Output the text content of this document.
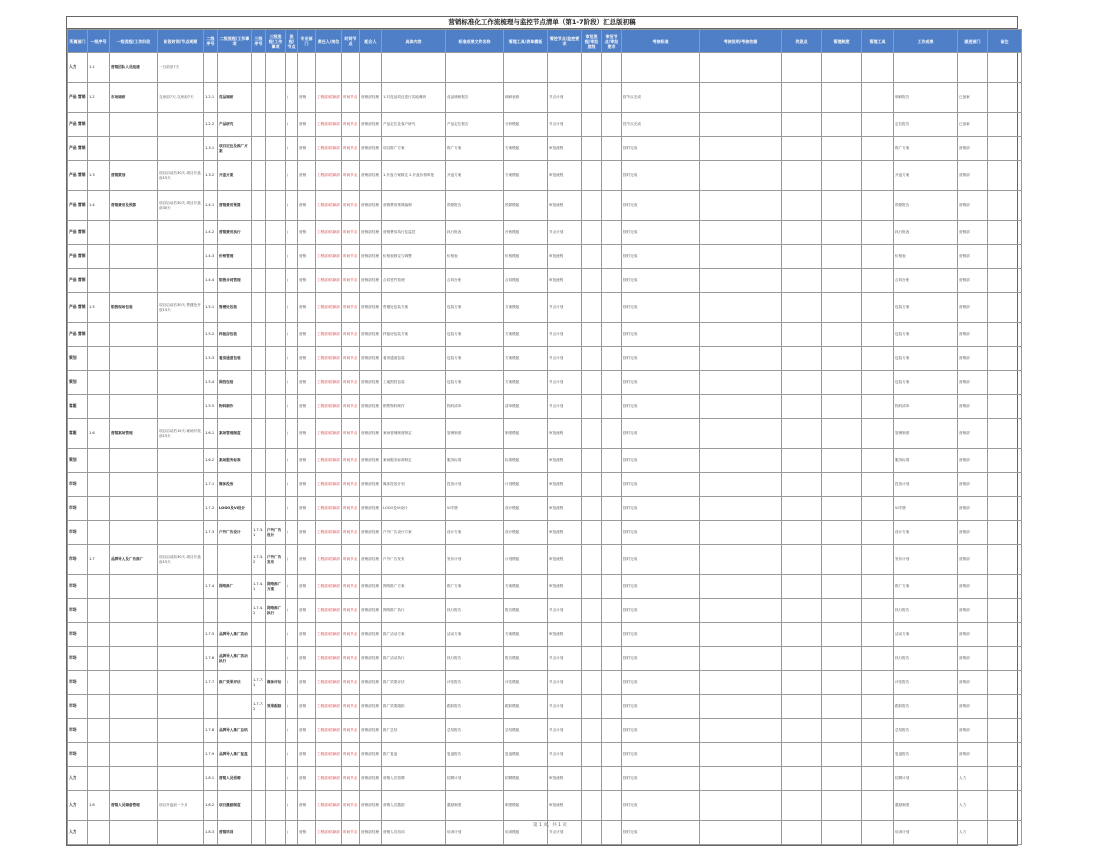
营销标准化工作流梳理与监控节点清单（第1-7阶段）汇总版初稿
所属部门	一级序号	一级流程/工作阶段	阶段时间/节点周期	二级序号	二级流程/工作事项	三级序号	三级流程/工作事项	流程/节点	专业部门	责任人/岗位	时间节点	配合人	具体内容	标准成果文件名称	管理工具/表单模板	管控节点/监控要求	审批流程/审批层级	审批节点/审批要求	考核标准	考核说明/考核依据	奖惩点	管理制度	管理工具	工作成果	跟进部门	备注
人力	1.1	营销团队人员组建	一日前至7天																							
产品 营销	1.2	市场调研	交房前7天-交房前7天	1.2.1	竞品调研			/	营销	工程部/招商部	时间节点	营销部经理	1.对竞品项目进行实地调研	竞品调研报告	调研表格	节点计划			按节点完成					调研报告	已备案	
产品 营销				1.2.2	产品研究			/	营销	工程部/招商部	时间节点	营销部经理	产品定位及客户研究	产品定位报告	分析模板	节点计划			按节点完成					定位报告	已备案	
产品 营销				1.3.1	项目定位及推广方案			/	营销	工程部/招商部	时间节点	营销部经理	项目推广方案	推广方案	方案模板	审批流程			按时完成					推广方案	营销部	
产品 营销	1.3	营销策划	项目启动后30天-项目开盘前15天	1.3.2	开盘方案			/	营销	工程部/招商部	时间节点	营销部经理	1.开盘方案制定 2.开盘价格审批	开盘方案	方案模板	审批流程			按时完成					开盘方案	营销部	
产品 营销	1.4	营销费用及预算	项目启动后30天-项目开盘前30天	1.4.1	营销费用预算			/	营销	工程部/招商部	时间节点	营销部经理	营销费用预算编制	预算报告	预算模板	审批流程			按时完成					预算报告	营销部	
产品 营销				1.4.2	营销费用执行			/	营销	工程部/招商部	时间节点	营销部经理	营销费用执行及监控	执行报表	台账模板	节点计划			按时完成					执行报表	营销部	
产品 营销				1.4.3	价格管理			/	营销	工程部/招商部	时间节点	营销部经理	价格表制定与调整	价格表	价格模板	审批流程			按时完成					价格表	营销部	
产品 营销				1.4.4	销售合同管理			/	营销	工程部/招商部	时间节点	营销部经理	合同签约管理	合同台账	合同模板	审批流程			按时完成					合同台账	营销部	
产品 营销	1.5	销售现场包装	项目启动后30天-售楼处开放15天	1.5.1	售楼处包装			/	营销	工程部/招商部	时间节点	营销部经理	售楼处包装方案	包装方案	方案模板	节点计划			按时完成					包装方案	营销部	
产品 营销				1.5.2	样板房包装			/	营销	工程部/招商部	时间节点	营销部经理	样板房包装方案	包装方案	方案模板	节点计划			按时完成					包装方案	营销部	
策划				1.5.3	看房通道包装			/	营销	工程部/招商部	时间节点	营销部经理	看房通道包装	包装方案	方案模板	节点计划			按时完成					包装方案	营销部	
策划				1.5.4	围挡包装			/	营销	工程部/招商部	时间节点	营销部经理	工地围挡包装	包装方案	方案模板	节点计划			按时完成					包装方案	营销部	
客服				1.5.5	物料制作			/	营销	工程部/招商部	时间节点	营销部经理	销售物料制作	物料清单	清单模板	节点计划			按时完成					物料清单	营销部	
客服	1.6	营销案场管理	项目启动后15天-案场开放前15天	1.6.1	案场管理制度			/	营销	工程部/招商部	时间节点	营销部经理	案场管理制度制定	管理制度	制度模板	审批流程			按时完成					管理制度	营销部	
策划				1.6.2	案场服务标准			/	营销	工程部/招商部	时间节点	营销部经理	案场服务标准制定	服务标准	标准模板	审批流程			按时完成					服务标准	营销部	
市场				1.7.1	媒体投放			/	营销	工程部/招商部	时间节点	营销部经理	媒体投放计划	投放计划	计划模板	审批流程			按时完成					投放计划	营销部	
市场				1.7.2	LOGO及VI设计			/	营销	工程部/招商部	时间节点	营销部经理	LOGO及VI设计	VI手册	设计模板	审批流程			按时完成					VI手册	营销部	
市场				1.7.3	户外广告设计	1.7.3.1	户外广告设计	/	营销	工程部/招商部	时间节点	营销部经理	户外广告设计方案	设计方案	设计模板	审批流程			按时完成					设计方案	营销部	
市场	1.7	品牌导入及广告推广	项目启动前30天-项目开盘前15天			1.7.3.2	户外广告发布	/	营销	工程部/招商部	时间节点	营销部经理	户外广告发布	发布计划	计划模板	审批流程			按时完成					发布计划	营销部	
市场				1.7.4	网络推广	1.7.4.1	网络推广方案	/	营销	工程部/招商部	时间节点	营销部经理	网络推广方案	推广方案	方案模板	审批流程			按时完成					推广方案	营销部	
市场						1.7.4.2	网络推广执行	/	营销	工程部/招商部	时间节点	营销部经理	网络推广执行	执行报告	报告模板	节点计划			按时完成					执行报告	营销部	
市场				1.7.5	品牌导入推广活动			/	营销	工程部/招商部	时间节点	营销部经理	推广活动方案	活动方案	方案模板	审批流程			按时完成					活动方案	营销部	
市场				1.7.6	品牌导入推广活动执行			/	营销	工程部/招商部	时间节点	营销部经理	推广活动执行	执行报告	报告模板	节点计划			按时完成					执行报告	营销部	
市场				1.7.7	推广效果评估	1.7.7.1	媒体评估	/	营销	工程部/招商部	时间节点	营销部经理	推广效果评估	评估报告	评估模板	节点计划			按时完成					评估报告	营销部	
市场						1.7.7.2	效果跟踪	/	营销	工程部/招商部	时间节点	营销部经理	推广效果跟踪	跟踪报告	跟踪模板	节点计划			按时完成					跟踪报告	营销部	
市场				1.7.8	品牌导入推广总结			/	营销	工程部/招商部	时间节点	营销部经理	推广总结	总结报告	总结模板	节点计划			按时完成					总结报告	营销部	
市场				1.7.9	品牌导入推广复盘			/	营销	工程部/招商部	时间节点	营销部经理	推广复盘	复盘报告	复盘模板	节点计划			按时完成					复盘报告	营销部	
人力				1.8.1	营销人员招聘			/	营销	工程部/招商部	时间节点	营销部经理	营销人员招聘	招聘计划	招聘模板	审批流程			按时完成					招聘计划	人力	
人力	1.8	营销人员储备管理	项目开盘前一个月	1.8.2	项目激励制度			/	营销	工程部/招商部	时间节点	营销部经理	营销人员激励	激励制度	制度模板	审批流程			按时完成					激励制度	人力	
人力				1.8.3	营销培训			/	营销	工程部/招商部	时间节点	营销部经理	营销人员培训	培训计划	培训模板	节点计划			按时完成					培训计划	人力	
第 1 页，共 1 页
